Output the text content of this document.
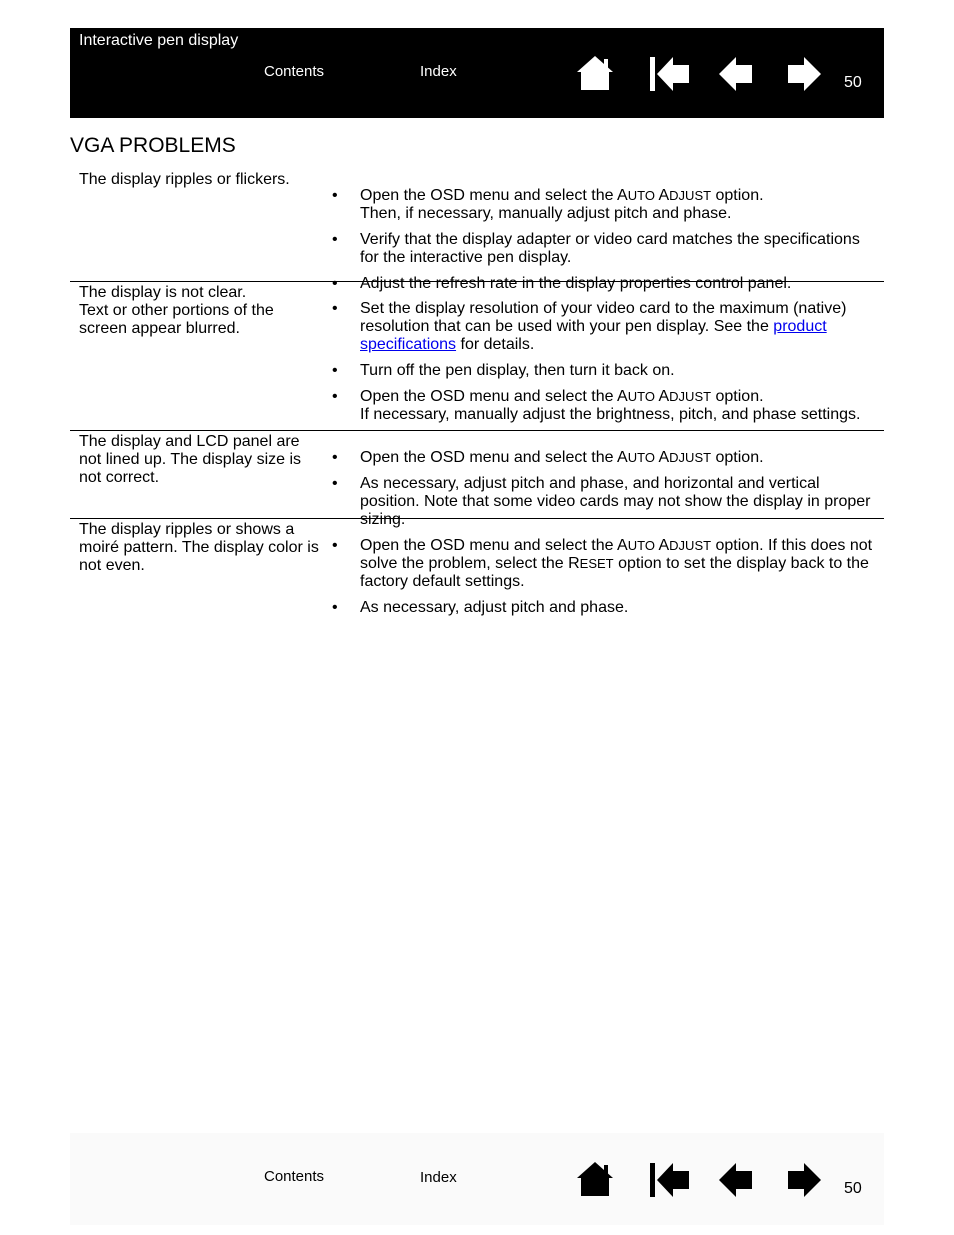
Interactive pen display
Contents	Index
50
VGA PROBLEMS
The display ripples or flickers.
• Open the OSD menu and select the AUTO ADJUST option.
Then, if necessary, manually adjust pitch and phase.
• Verify that the display adapter or video card matches the specifications for the interactive pen display.
• Adjust the refresh rate in the display properties control panel.
The display is not clear.
Text or other portions of the screen appear blurred.
• Set the display resolution of your video card to the maximum (native) resolution that can be used with your pen display. See the product specifications for details.
• Turn off the pen display, then turn it back on.
• Open the OSD menu and select the AUTO ADJUST option.
If necessary, manually adjust the brightness, pitch, and phase settings.
The display and LCD panel are not lined up. The display size is not correct.
• Open the OSD menu and select the AUTO ADJUST option.
• As necessary, adjust pitch and phase, and horizontal and vertical position. Note that some video cards may not show the display in proper sizing.
The display ripples or shows a moiré pattern. The display color is not even.
• Open the OSD menu and select the AUTO ADJUST option. If this does not solve the problem, select the RESET option to set the display back to the factory default settings.
• As necessary, adjust pitch and phase.
Contents	Index
50
